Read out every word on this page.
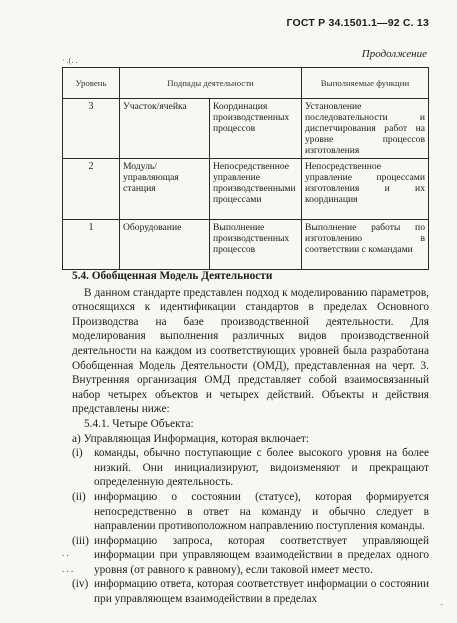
ГОСТ Р 34.1501.1—92 С. 13
· .(. .
Продолжение
Уровень	Подпады деятельности		Выполняемые функции
3	Участок/ячейка	Координация производственных процессов	Установление последовательности и диспетчирования работ на уровне процессов изготовления
2	Модуль/ управляющая станция	Непосредственное управление производственными процессами	Непосредственное управление процессами изготовления и их координация
1	Оборудование	Выполнение производственных процессов	Выполнение работы по изготовлению в соответствии с командами

5.4. Обобщенная Модель Деятельности

В данном стандарте представлен подход к моделированию параметров, относящихся к идентификации стандартов в пределах Основного Производства на базе производственной деятельности. Для моделирования выполнения различных видов производственной деятельности на каждом из соответствующих уровней была разработана Обобщенная Модель Деятельности (ОМД), представленная на черт. 3. Внутренняя организация ОМД представляет собой взаимосвязанный набор четырех объектов и четырех действий. Объекты и действия представлены ниже:

5.4.1. Четыре Объекта:

а) Управляющая Информация, которая включает:

(i)	команды, обычно поступающие с более высокого уровня на более низкий. Они инициализируют, видоизменяют и прекращают определенную деятельность.
(ii) информацию о состоянии (статусе), которая формируется непосредственно в ответ на команду и обычно следует в направлении противоположном направлению поступления команды.
(iii) информацию запроса, которая соответствует управляющей информации при управляющем взаимодействии в пределах одного уровня (от равного к равному), если таковой имеет место.
(iv) информацию ответа, которая соответствует информации о состоянии при управляющем взаимодействии в пределах
. .
. . .
-
